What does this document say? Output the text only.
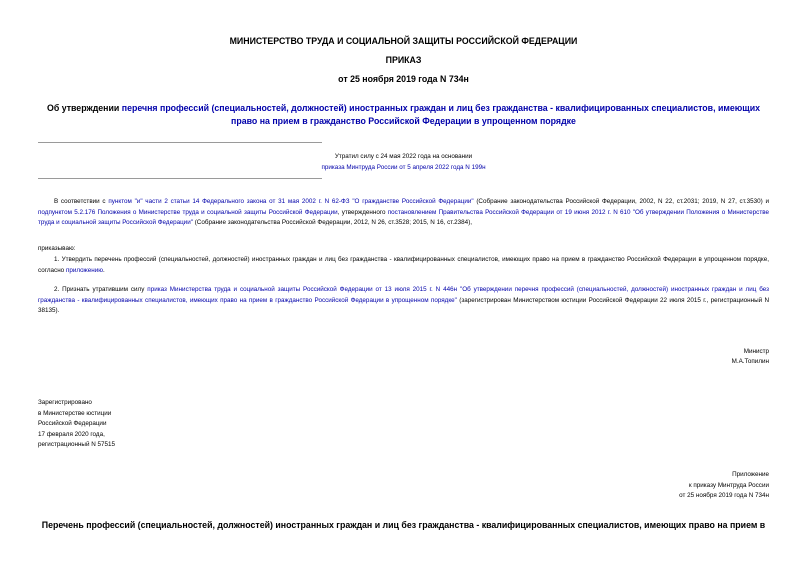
МИНИСТЕРСТВО ТРУДА И СОЦИАЛЬНОЙ ЗАЩИТЫ РОССИЙСКОЙ ФЕДЕРАЦИИ
ПРИКАЗ
от 25 ноября 2019 года N 734н
Об утверждении перечня профессий (специальностей, должностей) иностранных граждан и лиц без гражданства - квалифицированных специалистов, имеющих право на прием в гражданство Российской Федерации в упрощенном порядке
Утратил силу с 24 мая 2022 года на основании
приказа Минтруда России от 5 апреля 2022 года N 199н
В соответствии с пунктом "и" части 2 статьи 14 Федерального закона от 31 мая 2002 г. N 62-ФЗ "О гражданстве Российской Федерации" (Собрание законодательства Российской Федерации, 2002, N 22, ст.2031; 2019, N 27, ст.3530) и подпунктом 5.2.176 Положения о Министерстве труда и социальной защиты Российской Федерации, утвержденного постановлением Правительства Российской Федерации от 19 июня 2012 г. N 610 "Об утверждении Положения о Министерстве труда и социальной защиты Российской Федерации" (Собрание законодательства Российской Федерации, 2012, N 26, ст.3528; 2015, N 16, ст.2384),
приказываю:
1. Утвердить перечень профессий (специальностей, должностей) иностранных граждан и лиц без гражданства - квалифицированных специалистов, имеющих право на прием в гражданство Российской Федерации в упрощенном порядке, согласно приложению.
2. Признать утратившим силу приказ Министерства труда и социальной защиты Российской Федерации от 13 июля 2015 г. N 446н "Об утверждении перечня профессий (специальностей, должностей) иностранных граждан и лиц без гражданства - квалифицированных специалистов, имеющих право на прием в гражданство Российской Федерации в упрощенном порядке" (зарегистрирован Министерством юстиции Российской Федерации 22 июля 2015 г., регистрационный N 38135).
Министр
М.А.Топилин
Зарегистрировано
в Министерстве юстиции
Российской Федерации
17 февраля 2020 года,
регистрационный N 57515
Приложение
к приказу Минтруда России
от 25 ноября 2019 года N 734н
Перечень профессий (специальностей, должностей) иностранных граждан и лиц без гражданства - квалифицированных специалистов, имеющих право на прием в
